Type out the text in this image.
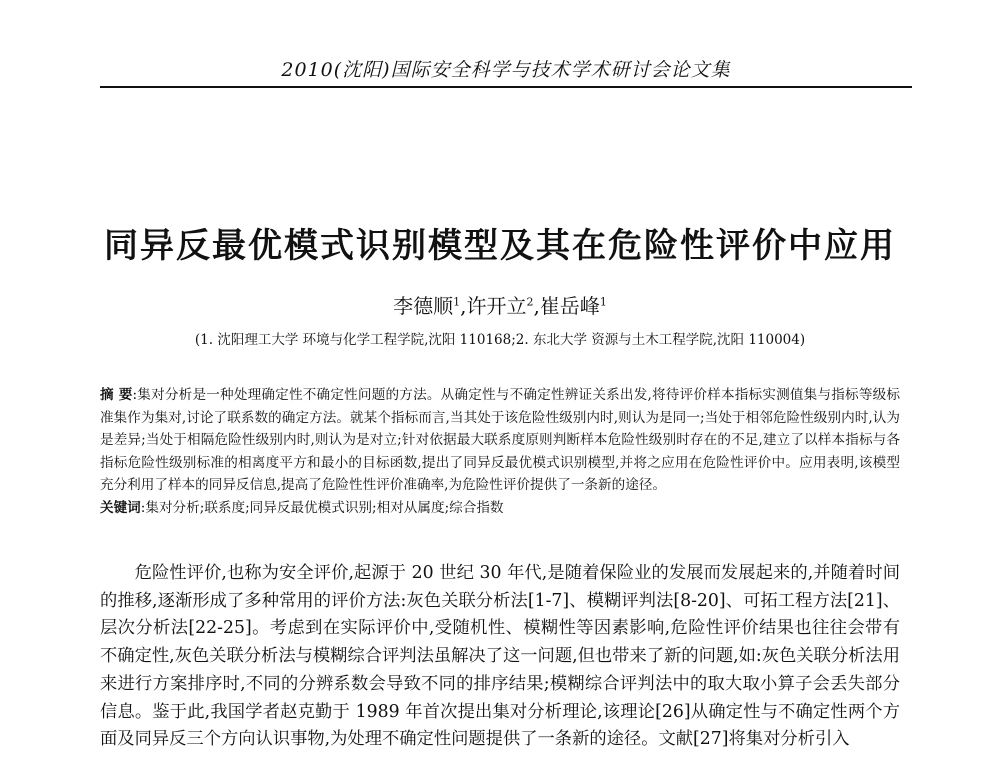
2010(沈阳)国际安全科学与技术学术研讨会论文集
同异反最优模式识别模型及其在危险性评价中应用
李德顺$^1$,许开立$^2$,崔岳峰$^1$
(1. 沈阳理工大学 环境与化学工程学院,沈阳 110168;2. 东北大学 资源与土木工程学院,沈阳 110004)
摘 要:集对分析是一种处理确定性不确定性问题的方法。从确定性与不确定性辨证关系出发,将待评价样本指标实测值集与指标等级标准集作为集对,讨论了联系数的确定方法。就某个指标而言,当其处于该危险性级别内时,则认为是同一;当处于相邻危险性级别内时,认为是差异;当处于相隔危险性级别内时,则认为是对立;针对依据最大联系度原则判断样本危险性级别时存在的不足,建立了以样本指标与各指标危险性级别标准的相离度平方和最小的目标函数,提出了同异反最优模式识别模型,并将之应用在危险性评价中。应用表明,该模型充分利用了样本的同异反信息,提高了危险性性评价准确率,为危险性评价提供了一条新的途径。
关键词:集对分析;联系度;同异反最优模式识别;相对从属度;综合指数
危险性评价,也称为安全评价,起源于 20 世纪 30 年代,是随着保险业的发展而发展起来的,并随着时间的推移,逐渐形成了多种常用的评价方法:灰色关联分析法[1-7]、模糊评判法[8-20]、可拓工程方法[21]、层次分析法[22-25]。考虑到在实际评价中,受随机性、模糊性等因素影响,危险性评价结果也往往会带有不确定性,灰色关联分析法与模糊综合评判法虽解决了这一问题,但也带来了新的问题,如:灰色关联分析法用来进行方案排序时,不同的分辨系数会导致不同的排序结果;模糊综合评判法中的取大取小算子会丢失部分信息。鉴于此,我国学者赵克勤于 1989 年首次提出集对分析理论,该理论[26]从确定性与不确定性两个方面及同异反三个方向认识事物,为处理不确定性问题提供了一条新的途径。文献[27]将集对分析引入
